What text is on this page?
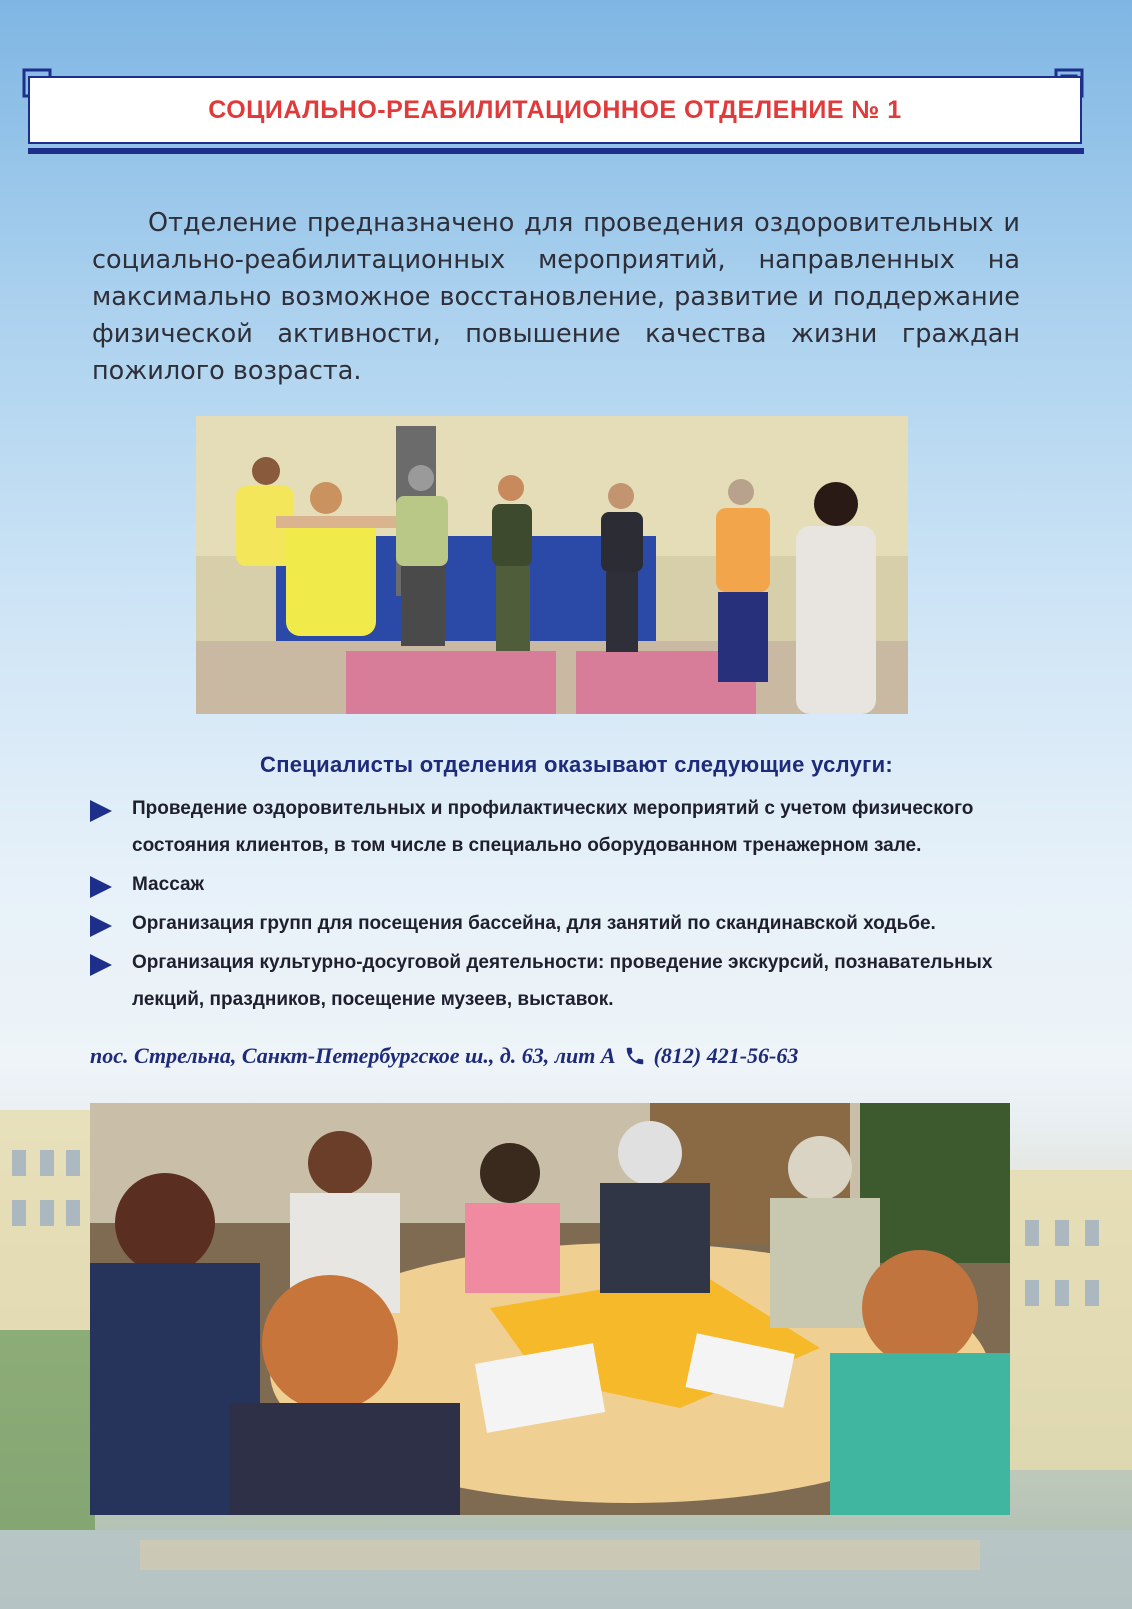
СОЦИАЛЬНО-РЕАБИЛИТАЦИОННОЕ ОТДЕЛЕНИЕ № 1

Отделение предназначено для проведения оздоровительных и социально-реабилитационных мероприятий, направленных на максимально возможное восстановление, развитие и поддержание физической активности, повышение качества жизни граждан пожилого возраста.

Специалисты отделения оказывают следующие услуги:
Проведение оздоровительных и профилактических мероприятий с учетом физического состояния клиентов, в том числе в специально оборудованном тренажерном зале.
Массаж
Организация групп для посещения бассейна, для занятий по скандинавской ходьбе.
Организация культурно-досуговой деятельности: проведение экскурсий, познавательных лекций, праздников, посещение музеев, выставок.
пос. Стрельна, Санкт-Петербургское ш., д. 63, лит А (812) 421-56-63
